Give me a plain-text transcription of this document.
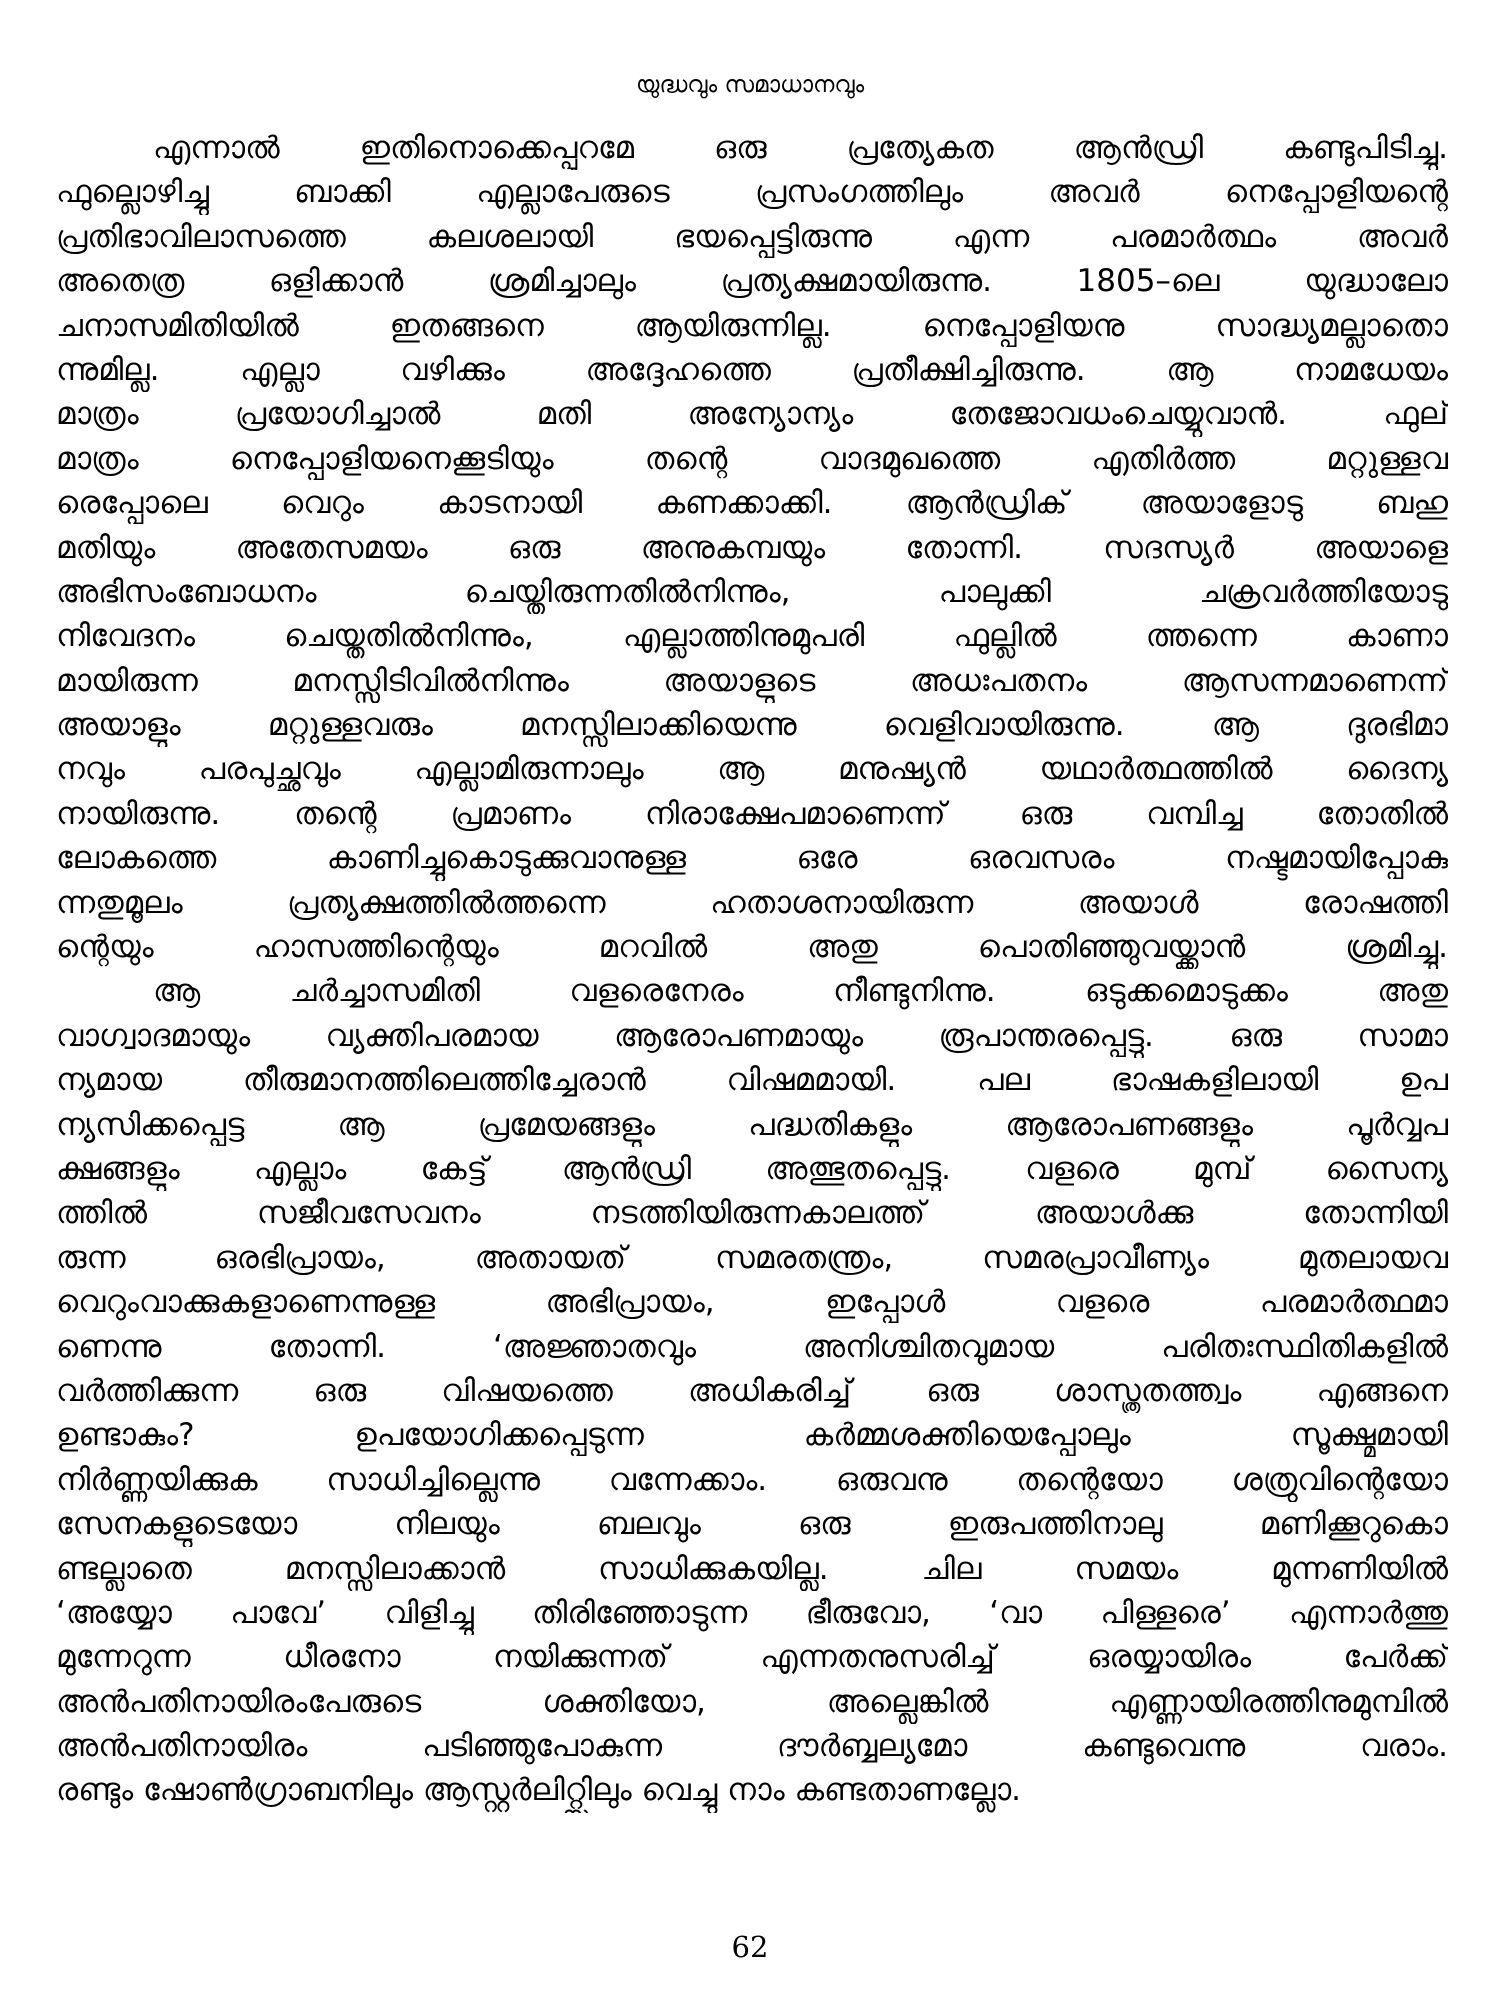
യുദ്ധവും സമാധാനവും
എന്നാൽ ഇതിനൊക്കെപ്പുറമേ ഒരു പ്രത്യേകത ആൻഡ്രി കണ്ടുപിടിച്ചു.
ഫുല്ലൊഴിച്ചു ബാക്കി എല്ലാപേരുടെ പ്രസംഗത്തിലും അവർ നെപ്പോളിയന്റെ
പ്രതിഭാവിലാസത്തെ കലശലായി ഭയപ്പെട്ടിരുന്നു എന്ന പരമാർത്ഥം അവർ
അതെത്ര ഒളിക്കാൻ ശ്രമിച്ചാലും പ്രത്യക്ഷമായിരുന്നു. 1805–ലെ യുദ്ധാലോ
ചനാസമിതിയിൽ ഇതങ്ങനെ ആയിരുന്നില്ല. നെപ്പോളിയനു സാദ്ധ്യമല്ലാതൊ
ന്നുമില്ല. എല്ലാ വഴിക്കും അദ്ദേഹത്തെ പ്രതീക്ഷിച്ചിരുന്നു. ആ നാമധേയം
മാത്രം പ്രയോഗിച്ചാൽ മതി അന്യോന്യം തേജോവധംചെയ്യുവാൻ. ഫുല്
മാത്രം നെപ്പോളിയനെക്കൂടിയും തന്റെ വാദമുഖത്തെ എതിർത്ത മറ്റുള്ളവ
രെപ്പോലെ വെറും കാടനായി കണക്കാക്കി. ആൻഡ്രിക് അയാളോടു ബഹു
മതിയും അതേസമയം ഒരു അനുകമ്പയും തോന്നി. സദസ്യർ അയാളെ
അഭിസംബോധനം ചെയ്തിരുന്നതിൽനിന്നും, പാലുക്കി ചക്രവർത്തിയോടു
നിവേദനം ചെയ്തതിൽനിന്നും, എല്ലാത്തിനുമുപരി ഫുല്ലിൽ ത്തന്നെ കാണാ
മായിരുന്ന മനസ്സിടിവിൽനിന്നും അയാളുടെ അധഃപതനം ആസന്നമാണെന്ന്
അയാളും മറ്റുള്ളവരും മനസ്സിലാക്കിയെന്നു വെളിവായിരുന്നു. ആ ദുരഭിമാ
നവും പരപുച്ഛവും എല്ലാമിരുന്നാലും ആ മനുഷ്യൻ യഥാർത്ഥത്തിൽ ദൈന്യ
നായിരുന്നു. തന്റെ പ്രമാണം നിരാക്ഷേപമാണെന്ന് ഒരു വമ്പിച്ച തോതിൽ
ലോകത്തെ കാണിച്ചുകൊടുക്കുവാനുള്ള ഒരേ ഒരവസരം നഷ്ടമായിപ്പോകു
ന്നതുമൂലം പ്രത്യക്ഷത്തിൽത്തന്നെ ഹതാശനായിരുന്ന അയാൾ രോഷത്തി
ന്റെയും ഹാസത്തിന്റെയും മറവിൽ അതു പൊതിഞ്ഞുവയ്ക്കാൻ ശ്രമിച്ചു.
ആ ചർച്ചാസമിതി വളരെനേരം നീണ്ടുനിന്നു. ഒടുക്കമൊടുക്കം അതു
വാഗ്വാദമായും വ്യക്തിപരമായ ആരോപണമായും രൂപാന്തരപ്പെട്ടു. ഒരു സാമാ
ന്യമായ തീരുമാനത്തിലെത്തിച്ചേരാൻ വിഷമമായി. പല ഭാഷകളിലായി ഉപ
ന്യസിക്കപ്പെട്ട ആ പ്രമേയങ്ങളും പദ്ധതികളും ആരോപണങ്ങളും പൂർവ്വപ
ക്ഷങ്ങളും എല്ലാം കേട്ട് ആൻഡ്രി അത്ഭുതപ്പെട്ടു. വളരെ മുമ്പ് സൈന്യ
ത്തിൽ സജീവസേവനം നടത്തിയിരുന്നകാലത്ത് അയാൾക്കു തോന്നിയി
രുന്ന ഒരഭിപ്രായം, അതായത് സമരതന്ത്രം, സമരപ്രാവീണ്യം മുതലായവ
വെറുംവാക്കുകളാണെന്നുള്ള അഭിപ്രായം, ഇപ്പോൾ വളരെ പരമാർത്ഥമാ
ണെന്നു തോന്നി. ‘അജ്ഞാതവും അനിശ്ചിതവുമായ പരിതഃസ്ഥിതികളിൽ
വർത്തിക്കുന്ന ഒരു വിഷയത്തെ അധികരിച്ച് ഒരു ശാസ്ത്രതത്ത്വം എങ്ങനെ
ഉണ്ടാകും? ഉപയോഗിക്കപ്പെടുന്ന കർമ്മശക്തിയെപ്പോലും സൂക്ഷ്മമായി
നിർണ്ണയിക്കുക സാധിച്ചില്ലെന്നു വന്നേക്കാം. ഒരുവനു തന്റെയോ ശത്രുവിന്റെയോ
സേനകളുടെയോ നിലയും ബലവും ഒരു ഇരുപത്തിനാലു മണിക്കൂറുകൊ
ണ്ടല്ലാതെ മനസ്സിലാക്കാൻ സാധിക്കുകയില്ല. ചില സമയം മുന്നണിയിൽ
‘അയ്യോ പാവേ’ വിളിച്ചു തിരിഞ്ഞോടുന്ന ഭീരുവോ, ‘വാ പിള്ളരെ’ എന്നാർത്തു
മുന്നേറുന്ന ധീരനോ നയിക്കുന്നത് എന്നതനുസരിച്ച് ഒരയ്യായിരം പേർക്ക്
അൻപതിനായിരംപേരുടെ ശക്തിയോ, അല്ലെങ്കിൽ എണ്ണായിരത്തിനുമുമ്പിൽ
അൻപതിനായിരം പടിഞ്ഞുപോകുന്ന ദൗർബ്ബല്യമോ കണ്ടുവെന്നു വരാം.
രണ്ടും ഷോൺഗ്രാബനിലും ആസ്റ്റർലിറ്റ്സിലും വെച്ചു നാം കണ്ടതാണല്ലോ.
62
